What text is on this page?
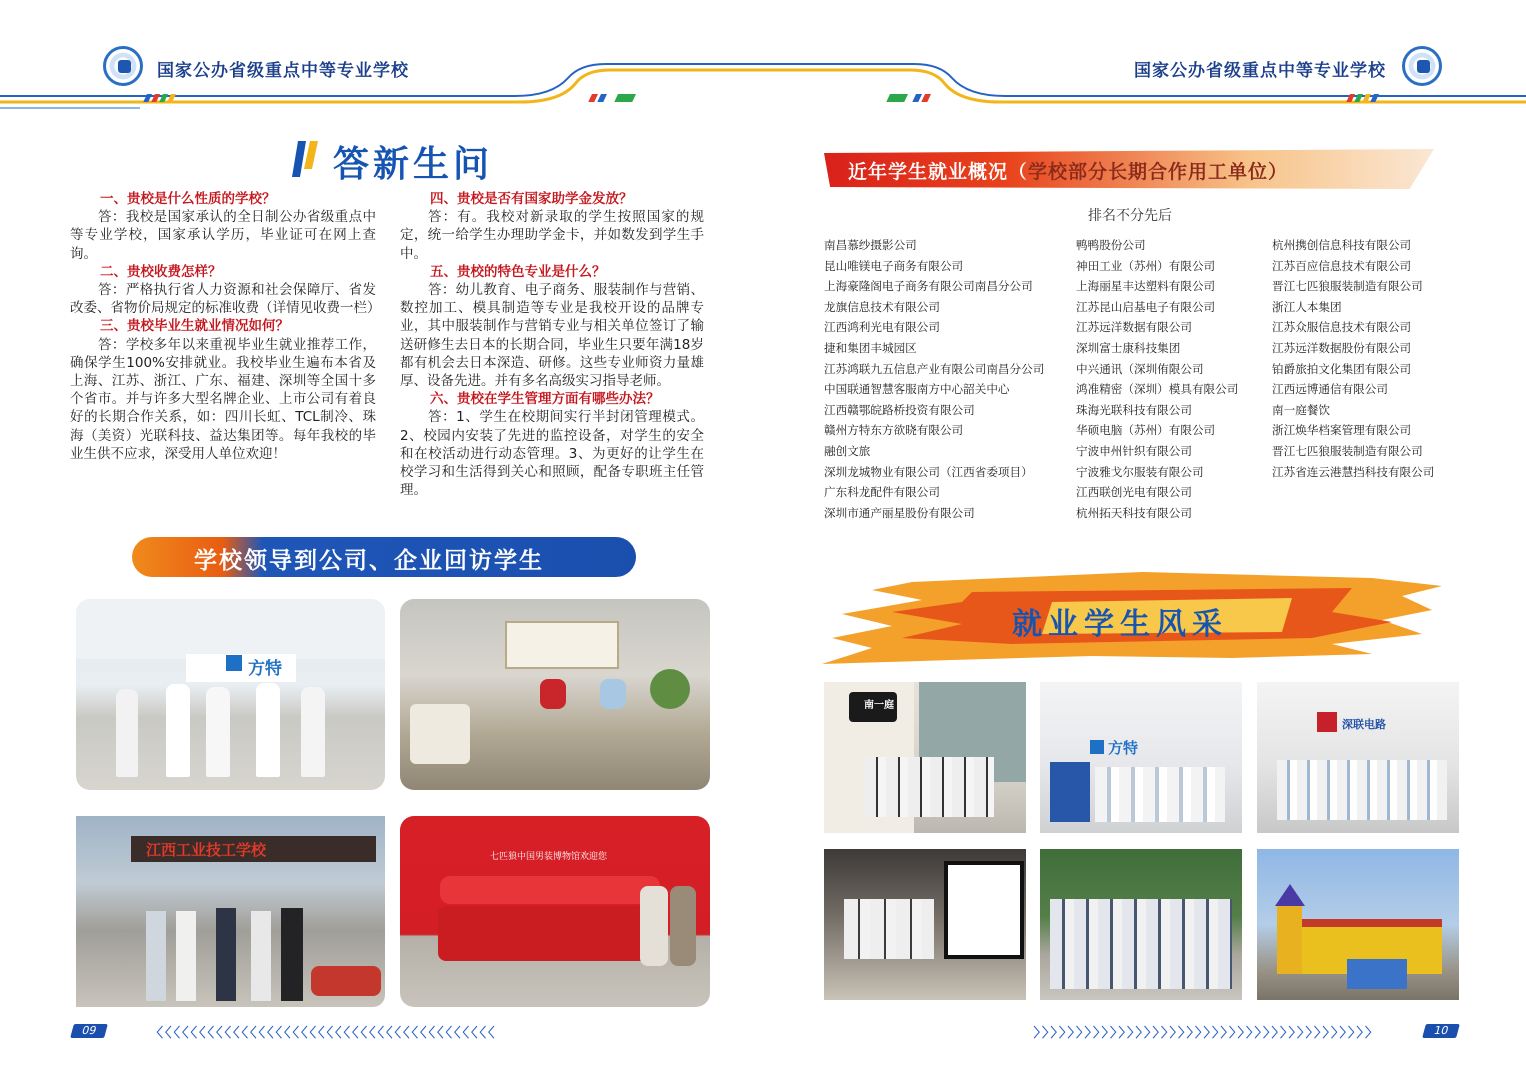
国家公办省级重点中等专业学校	国家公办省级重点中等专业学校
答新生问

一、贵校是什么性质的学校？

答：我校是国家承认的全日制公办省级重点中等专业学校，国家承认学历，毕业证可在网上查询。

二、贵校收费怎样？

答：严格执行省人力资源和社会保障厅、省发改委、省物价局规定的标准收费（详情见收费一栏）

三、贵校毕业生就业情况如何？

答：学校多年以来重视毕业生就业推荐工作，确保学生100%安排就业。我校毕业生遍布本省及上海、江苏、浙江、广东、福建、深圳等全国十多个省市。并与许多大型名牌企业、上市公司有着良好的长期合作关系，如：四川长虹、TCL制冷、珠海（美资）光联科技、益达集团等。每年我校的毕业生供不应求，深受用人单位欢迎！

四、贵校是否有国家助学金发放？

答：有。我校对新录取的学生按照国家的规定，统一给学生办理助学金卡，并如数发到学生手中。

五、贵校的特色专业是什么？

答：幼儿教育、电子商务、服装制作与营销、数控加工、模具制造等专业是我校开设的品牌专业，其中服装制作与营销专业与相关单位签订了输送研修生去日本的长期合同，毕业生只要年满18岁都有机会去日本深造、研修。这些专业师资力量雄厚、设备先进。并有多名高级实习指导老师。

六、贵校在学生管理方面有哪些办法？

答：1、学生在校期间实行半封闭管理模式。2、校园内安装了先进的监控设备，对学生的安全和在校活动进行动态管理。3、为更好的让学生在校学习和生活得到关心和照顾，配备专职班主任管理。

学校领导到公司、企业回访学生
方特
江西工业技工学校	七匹狼中国男装博物馆欢迎您
近年学生就业概况（学校部分长期合作用工单位）
排名不分先后
南昌慕纱摄影公司
昆山唯镁电子商务有限公司
上海豪隆阁电子商务有限公司南昌分公司
龙旗信息技术有限公司
江西鸿利光电有限公司
捷和集团丰城园区
江苏鸿联九五信息产业有限公司南昌分公司
中国联通智慧客服南方中心韶关中心
江西赣鄂皖路桥投资有限公司
赣州方特东方欲晓有限公司
融创文旅
深圳龙城物业有限公司（江西省委项目）
广东科龙配件有限公司
深圳市通产丽星股份有限公司
鸭鸭股份公司
神田工业（苏州）有限公司
上海丽星丰达塑料有限公司
江苏昆山启基电子有限公司
江苏远洋数据有限公司
深圳富士康科技集团
中兴通讯（深圳侑限公司
鸿准精密（深圳）模具有限公司
珠海光联科技有限公司
华硕电脑（苏州）有限公司
宁波申州针织有限公司
宁波雅戈尔服装有限公司
江西联创光电有限公司
杭州拓天科技有限公司
杭州携创信息科技有限公司
江苏百应信息技术有限公司
晋江七匹狼服装制造有限公司
浙江人本集团
江苏众服信息技术有限公司
江苏远洋数据股份有限公司
铂爵旅拍文化集团有限公司
江西远博通信有限公司
南一庭餐饮
浙江焕华档案管理有限公司
晋江七匹狼服装制造有限公司
江苏省连云港慧挡科技有限公司
就业学生风采
南一庭
方特
深联电路
09	〈〈〈〈〈〈〈〈〈〈〈〈〈〈〈〈〈〈〈〈〈〈〈〈〈〈〈〈〈〈〈〈〈〈〈〈〈〈〈〈	〉〉〉〉〉〉〉〉〉〉〉〉〉〉〉〉〉〉〉〉〉〉〉〉〉〉〉〉〉〉〉〉〉〉〉〉〉〉〉〉	10
